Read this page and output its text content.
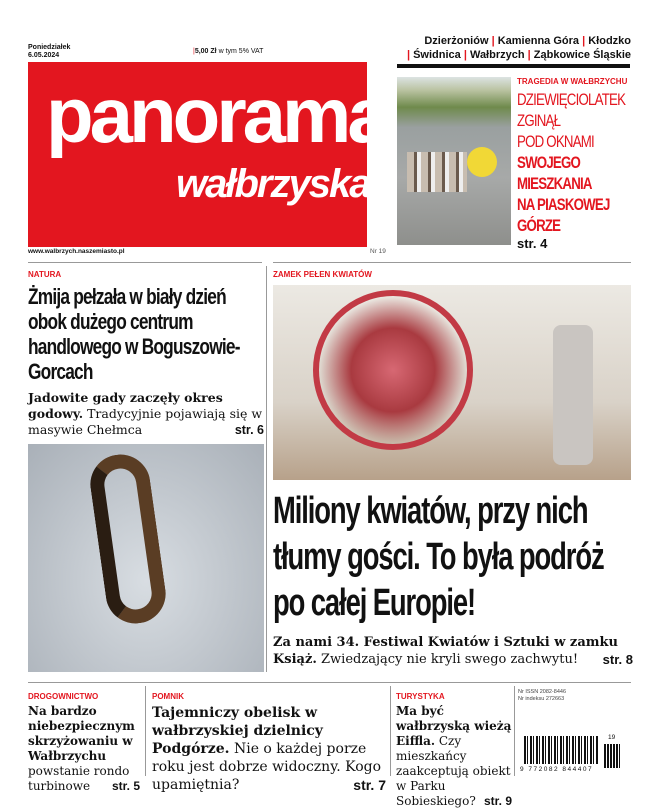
Poniedziałek
6.05.2024
|5,00 Zł w tym 5% VAT
Dzierżoniów | Kamienna Góra | Kłodzko
| Świdnica | Wałbrzych | Ząbkowice Śląskie
panorama
wałbrzyska
www.walbrzych.naszemiasto.pl	Nr 19
TRAGEDIA W WAŁBRZYCHU
DZIEWIĘCIOLATEK
ZGINĄŁ
POD OKNAMI
SWOJEGO
MIESZKANIA
NA PIASKOWEJ
GÓRZE
str. 4
NATURA
Żmija pełzała w biały dzień obok dużego centrum handlowego w Boguszowie-Gorcach
Jadowite gady zaczęły okres godowy. Tradycyjnie pojawiają się w masywie Chełmca	str. 6
ZAMEK PEŁEN KWIATÓW
Miliony kwiatów, przy nich tłumy gości. To była podróż po całej Europie!
Za nami 34. Festiwal Kwiatów i Sztuki w zamku Książ. Zwiedzający nie kryli swego zachwytu! str. 8
DROGOWNICTWO
Na bardzo niebezpiecznym skrzyżowaniu w Wałbrzychu powstanie rondo turbinowe str. 5
POMNIK
Tajemniczy obelisk w wałbrzyskiej dzielnicy Podgórze. Nie o każdej porze roku jest dobrze widoczny. Kogo upamiętnia?	str. 7
TURYSTYKA
Ma być wałbrzyską wieżą Eiffla. Czy mieszkańcy zaakceptują obiekt w Parku Sobieskiego? str. 9
Nr ISSN 2082-8446
Nr indeksu 272663
9 772082 844407
19
